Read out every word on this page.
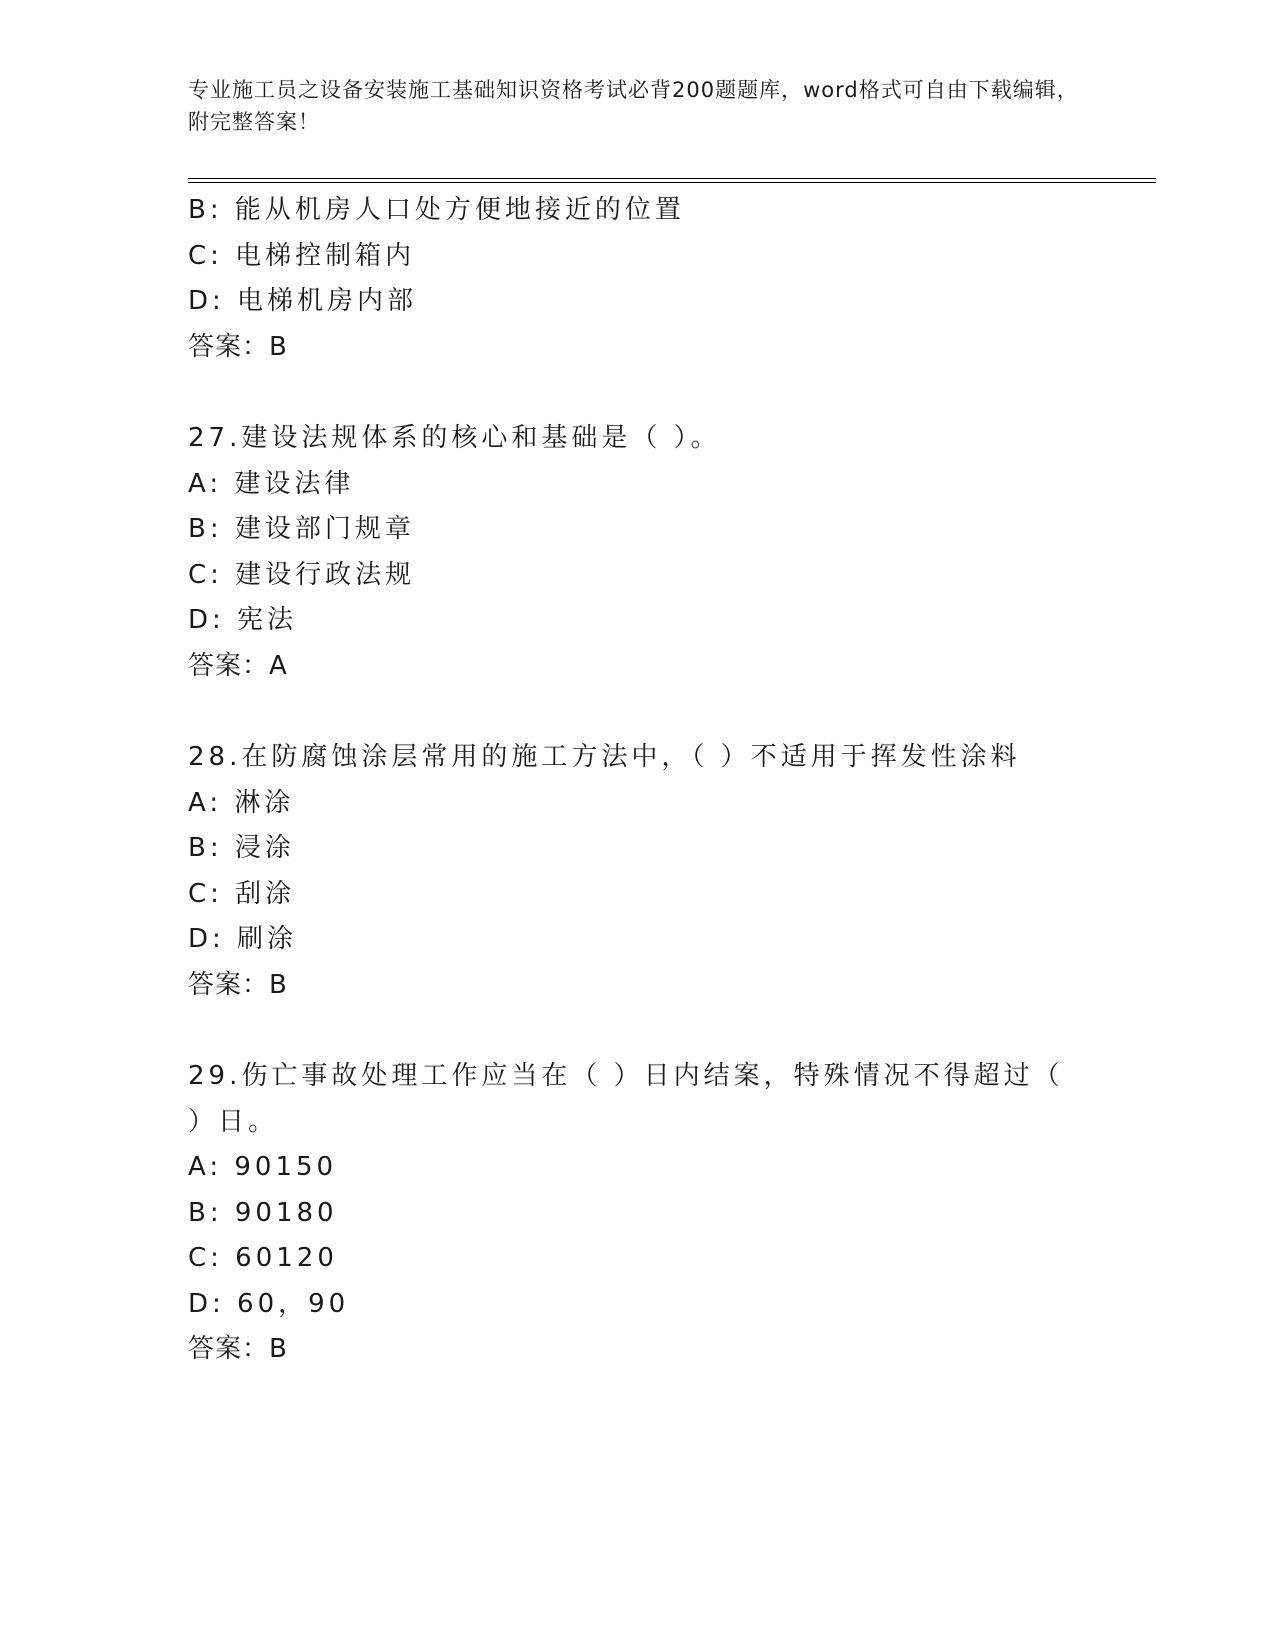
专业施工员之设备安装施工基础知识资格考试必背200题题库，word格式可自由下载编辑，附完整答案！
B: 能从机房人口处方便地接近的位置
C: 电梯控制箱内
D: 电梯机房内部
答案：B
27.建设法规体系的核心和基础是（ ）。
A: 建设法律
B: 建设部门规章
C: 建设行政法规
D: 宪法
答案：A
28.在防腐蚀涂层常用的施工方法中，（ ）不适用于挥发性涂料
A: 淋涂
B: 浸涂
C: 刮涂
D: 刷涂
答案：B
29.伤亡事故处理工作应当在（ ）日内结案，特殊情况不得超过（ ）日。
A: 90150
B: 90180
C: 60120
D: 60，90
答案：B
